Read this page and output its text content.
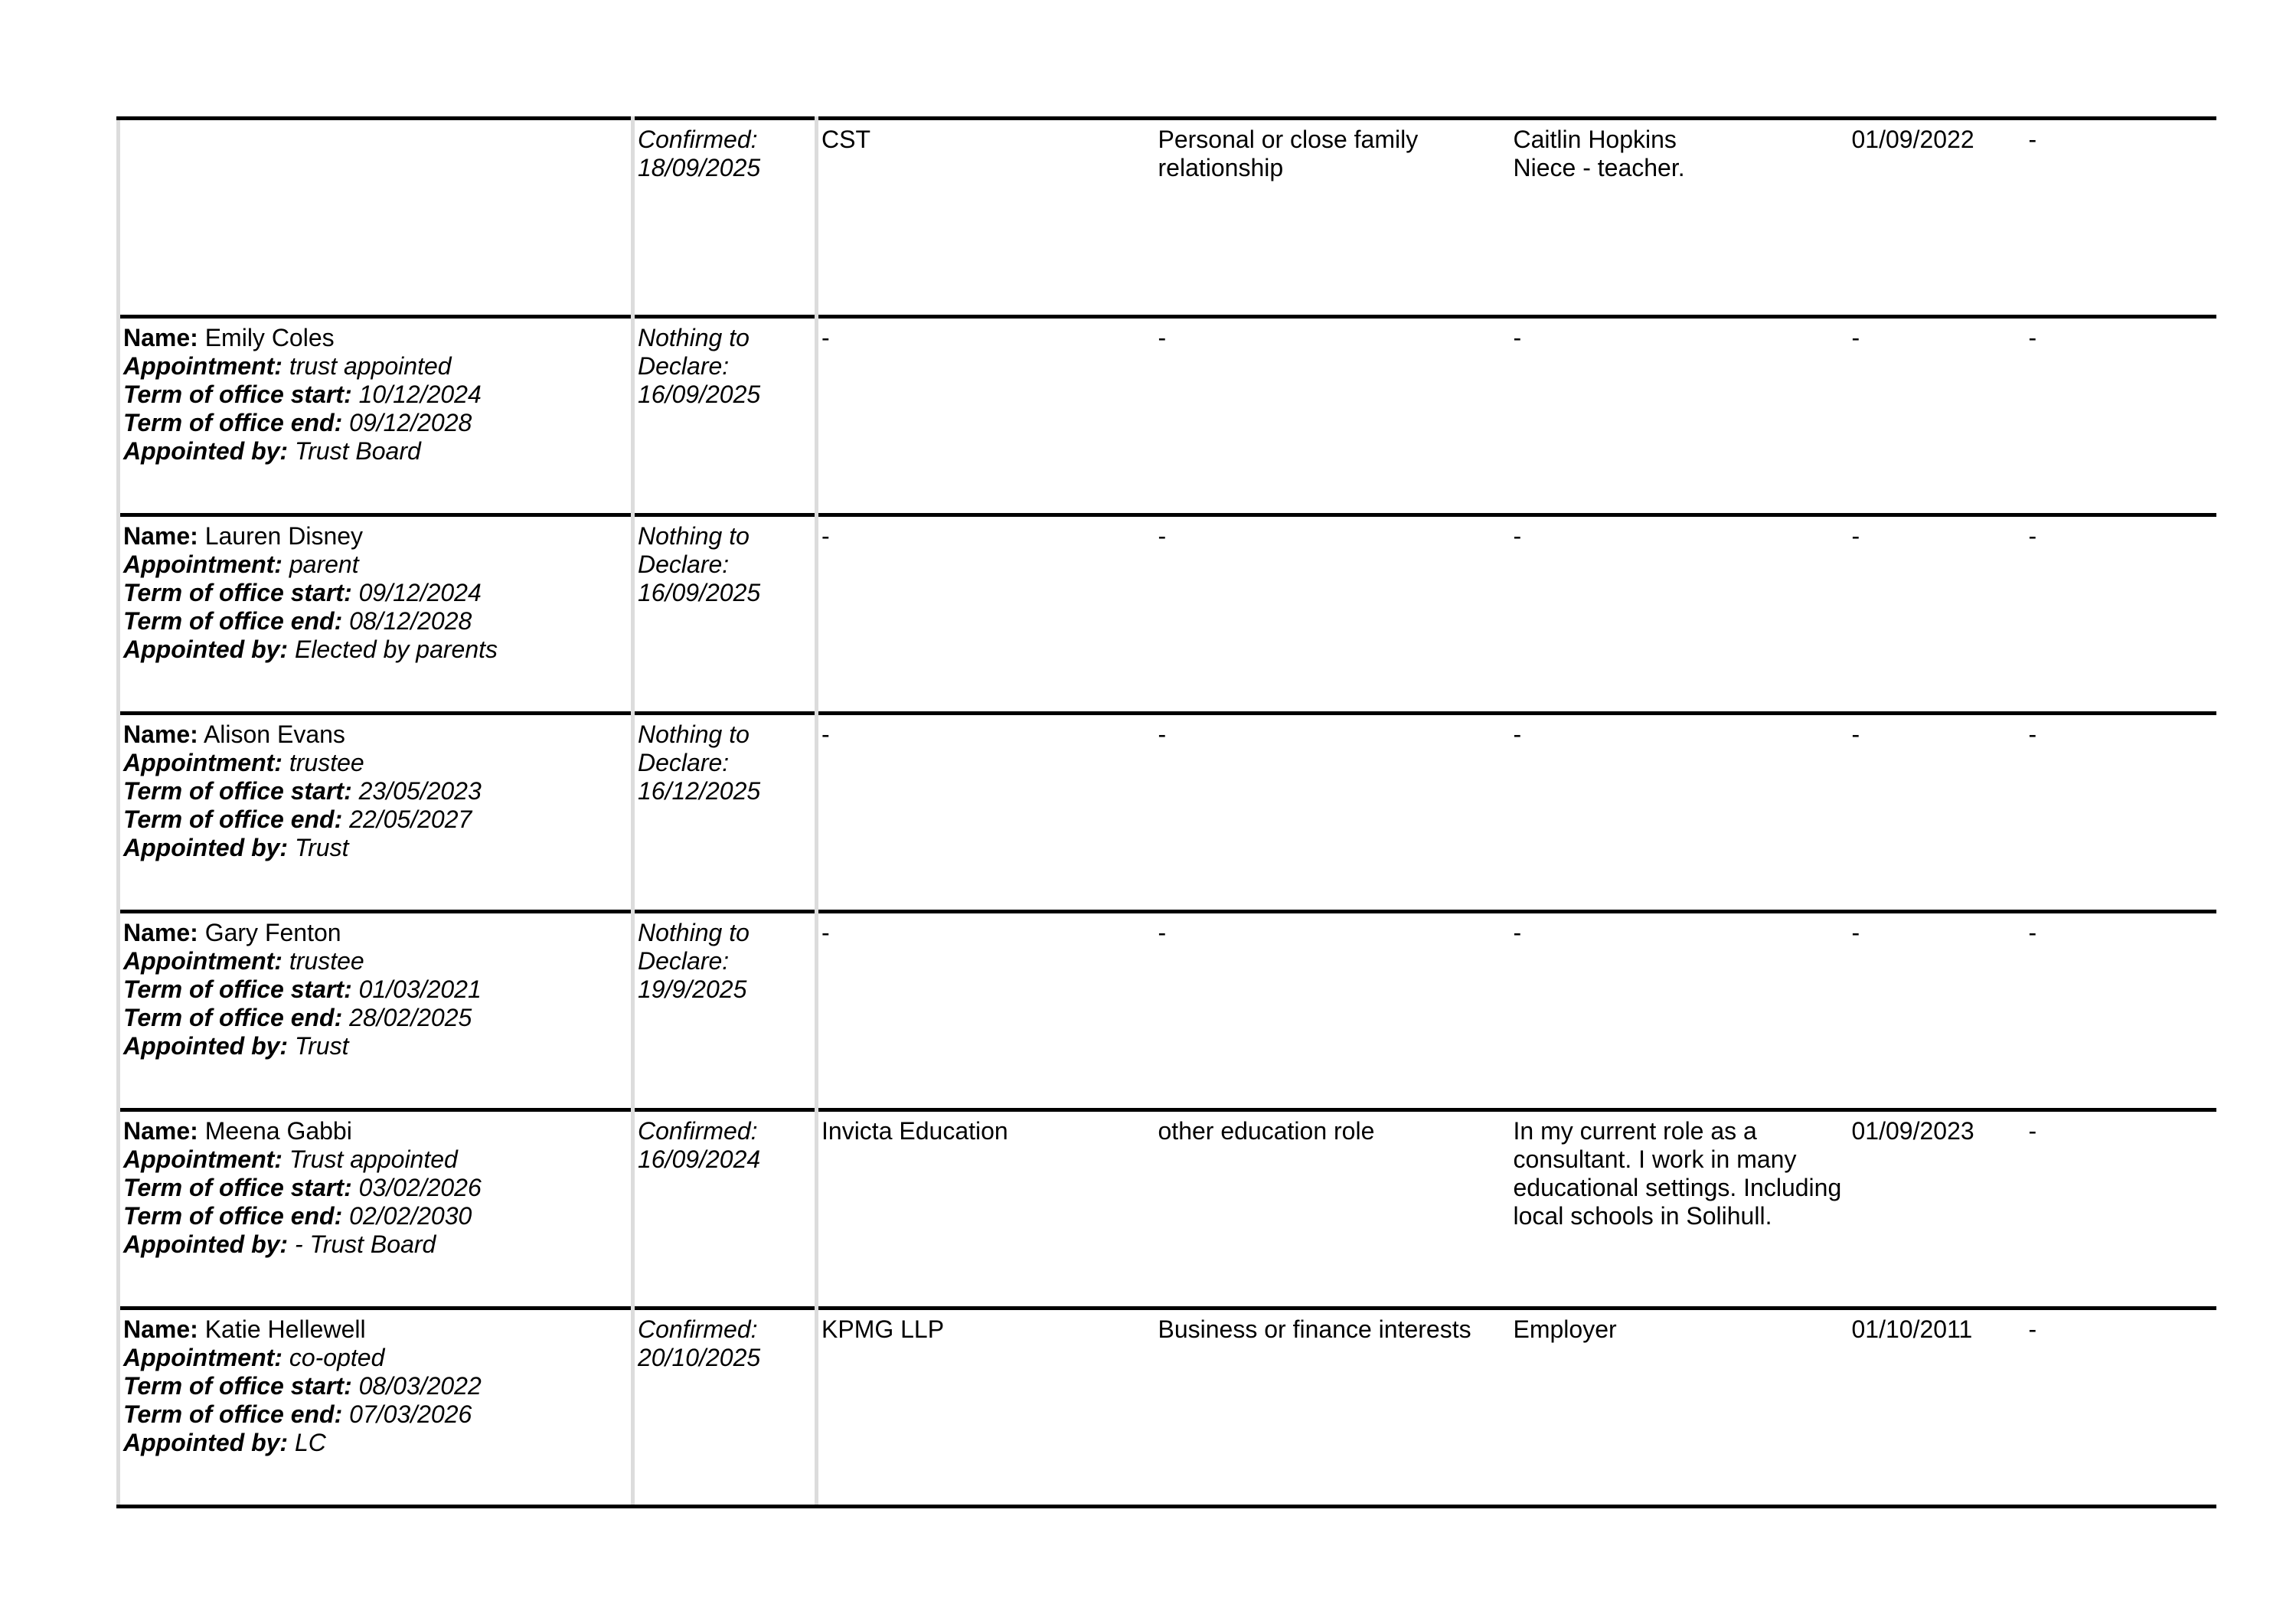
	Confirmed:
18/09/2025	CST	Personal or close family relationship	Caitlin Hopkins
Niece - teacher.	01/09/2022	-

Name: Emily Coles
Appointment: trust appointed
Term of office start: 10/12/2024
Term of office end: 09/12/2028
Appointed by: Trust Board	Nothing to
Declare:
16/09/2025	-	-	-	-	-

Name: Lauren Disney
Appointment: parent
Term of office start: 09/12/2024
Term of office end: 08/12/2028
Appointed by: Elected by parents	Nothing to
Declare:
16/09/2025	-	-	-	-	-

Name: Alison Evans
Appointment: trustee
Term of office start: 23/05/2023
Term of office end: 22/05/2027
Appointed by: Trust	Nothing to
Declare:
16/12/2025	-	-	-	-	-

Name: Gary Fenton
Appointment: trustee
Term of office start: 01/03/2021
Term of office end: 28/02/2025
Appointed by: Trust	Nothing to
Declare:
19/9/2025	-	-	-	-	-

Name: Meena Gabbi
Appointment: Trust appointed
Term of office start: 03/02/2026
Term of office end: 02/02/2030
Appointed by: - Trust Board	Confirmed:
16/09/2024	Invicta Education	other education role	In my current role as a consultant. I work in many educational settings. Including local schools in Solihull.	01/09/2023	-

Name: Katie Hellewell
Appointment: co-opted
Term of office start: 08/03/2022
Term of office end: 07/03/2026
Appointed by: LC	Confirmed:
20/10/2025	KPMG LLP	Business or finance interests	Employer	01/10/2011	-
